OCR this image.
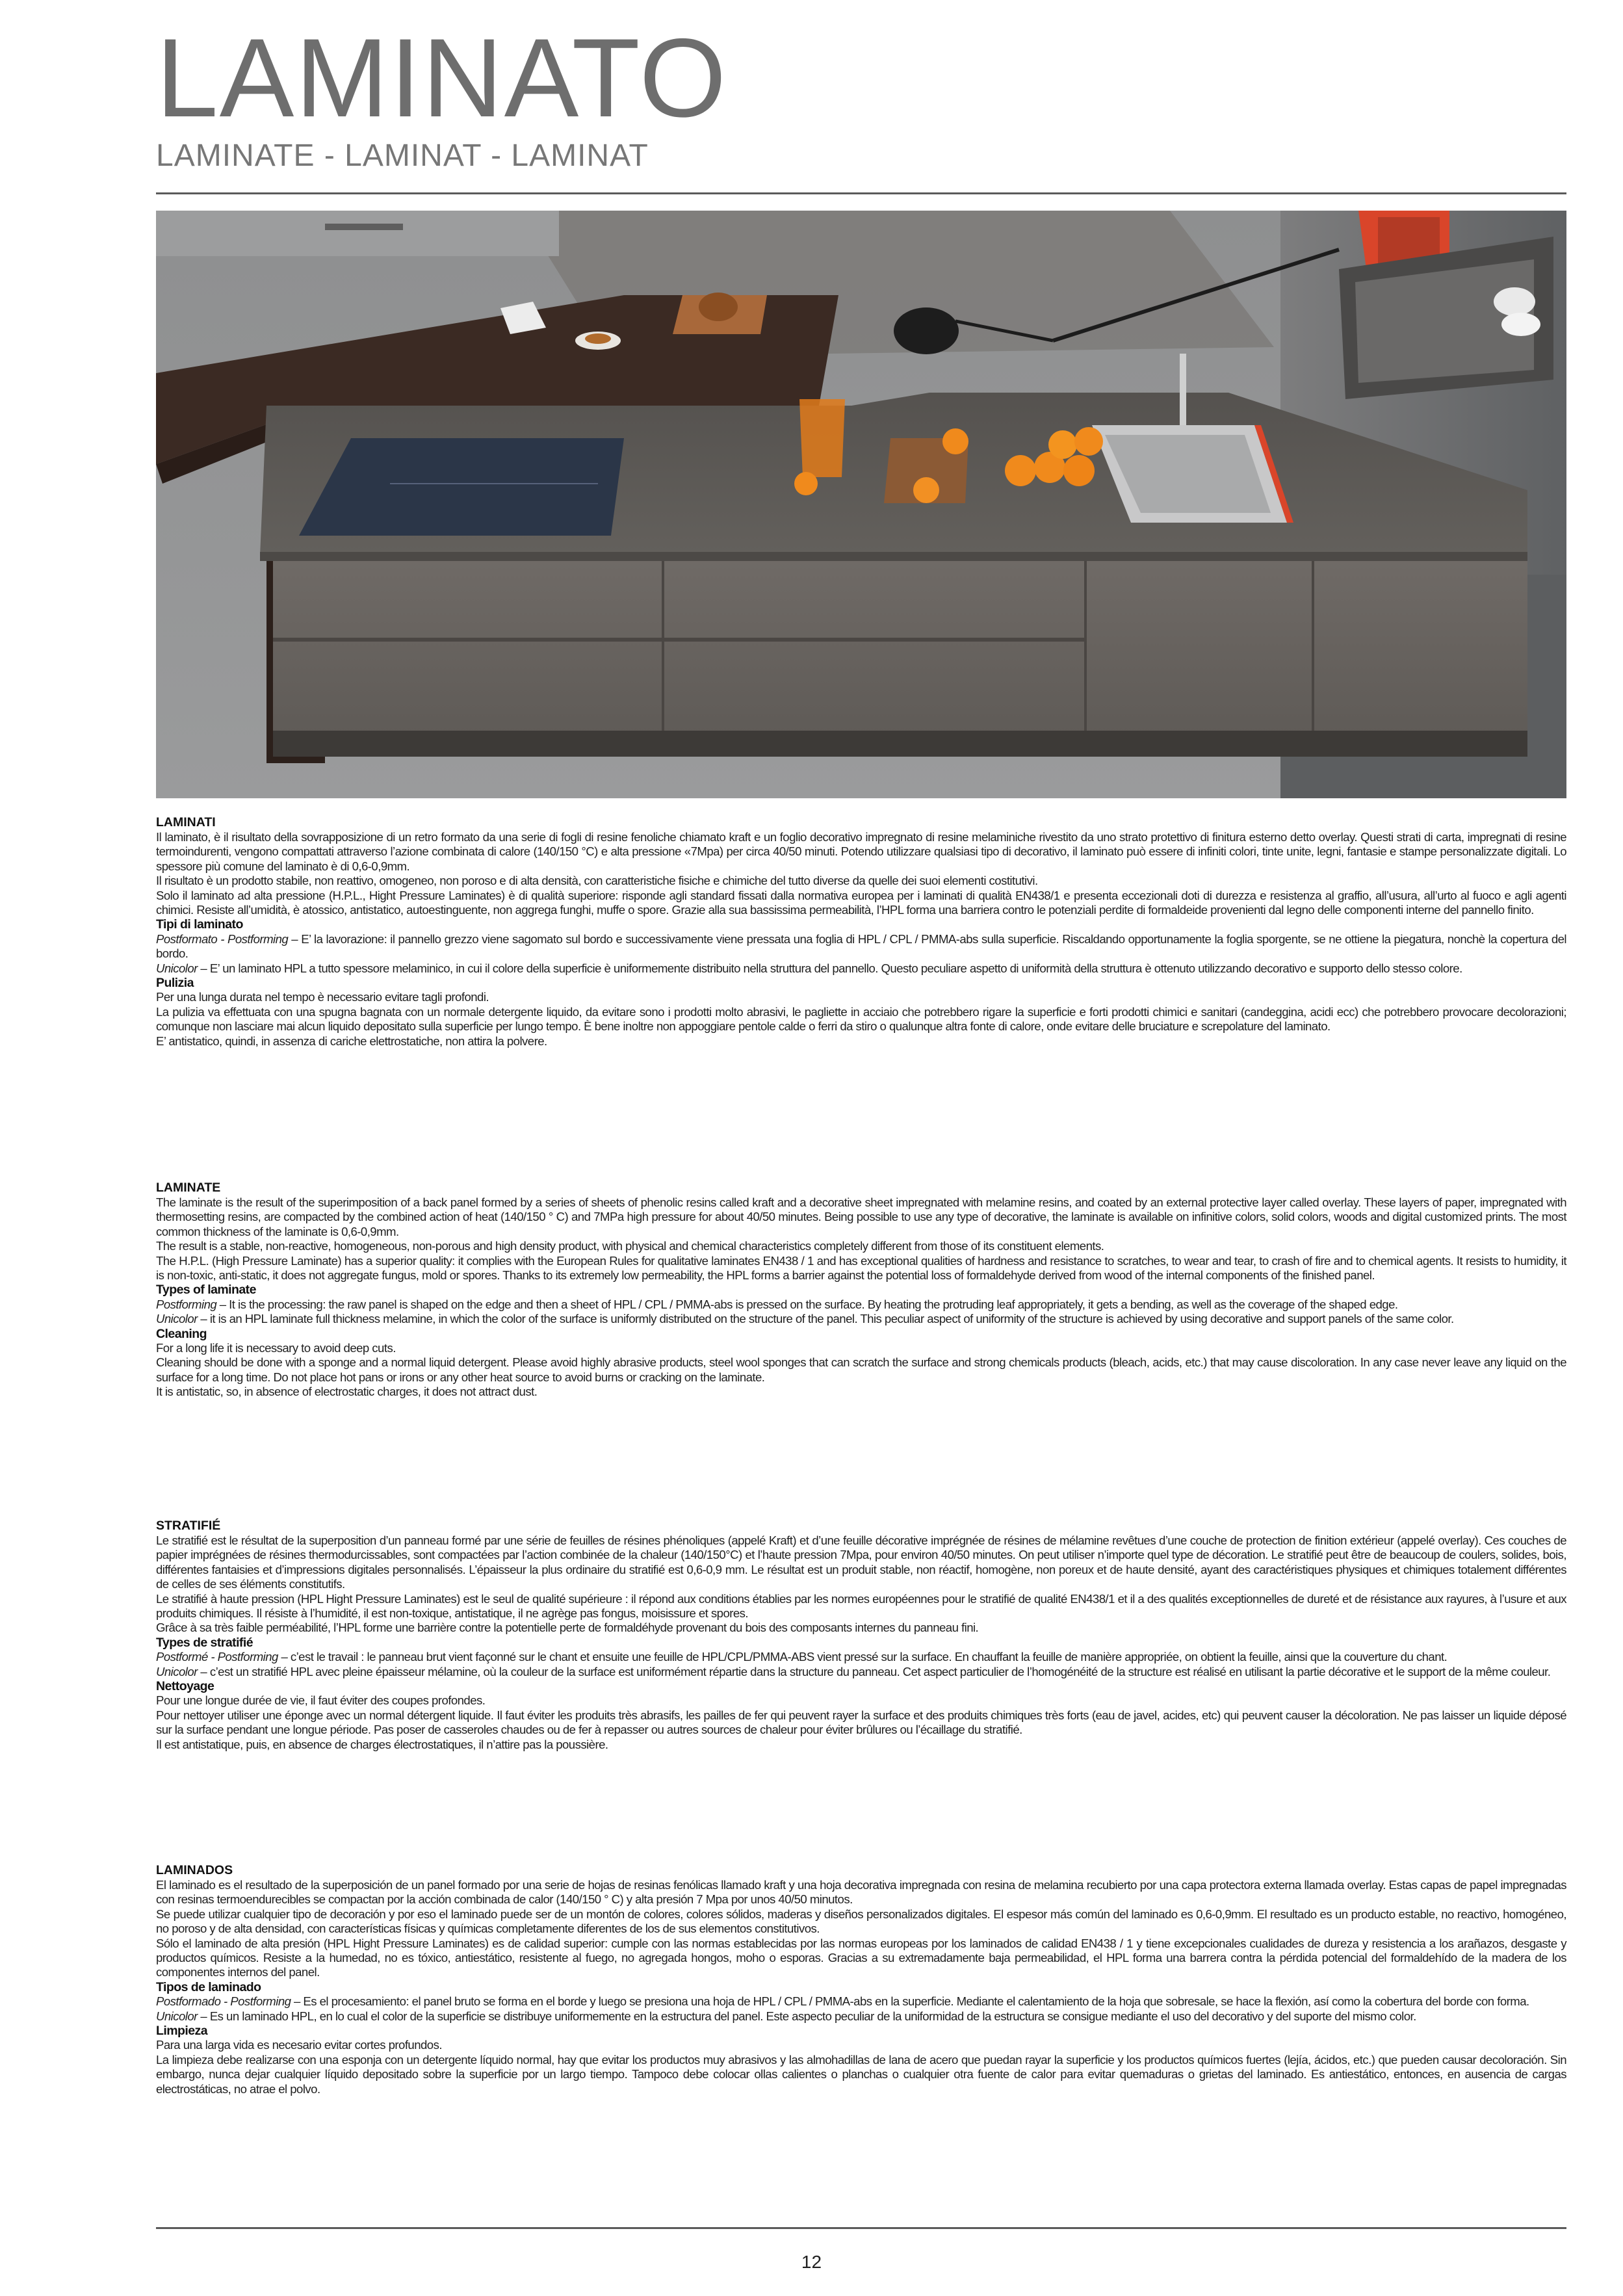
LAMINATO
LAMINATE - LAMINAT - LAMINAT
LAMINATI

Il laminato, è il risultato della sovrapposizione di un retro formato da una serie di fogli di resine fenoliche chiamato kraft e un foglio decorativo impregnato di resine melaminiche rivestito da uno strato protettivo di finitura esterno detto overlay. Questi strati di carta, impregnati di resine termoindurenti, vengono compattati attraverso l’azione combinata di calore (140/150 °C) e alta pressione «7Mpa) per circa 40/50 minuti. Potendo utilizzare qualsiasi tipo di decorativo, il laminato può essere di infiniti colori, tinte unite, legni, fantasie e stampe personalizzate digitali. Lo spessore più comune del laminato è di 0,6-0,9mm.

Il risultato è un prodotto stabile, non reattivo, omogeneo, non poroso e di alta densità, con caratteristiche fisiche e chimiche del tutto diverse da quelle dei suoi elementi costitutivi.

Solo il laminato ad alta pressione (H.P.L., Hight Pressure Laminates) è di qualità superiore: risponde agli standard fissati dalla normativa europea per i laminati di qualità EN438/1 e presenta eccezionali doti di durezza e resistenza al graffio, all’usura, all’urto al fuoco e agli agenti chimici. Resiste all’umidità, è atossico, antistatico, autoestinguente, non aggrega funghi, muffe o spore. Grazie alla sua bassissima permeabilità, l’HPL forma una barriera contro le potenziali perdite di formaldeide provenienti dal legno delle componenti interne del pannello finito.

Tipi di laminato

Postformato - Postforming – E’ la lavorazione: il pannello grezzo viene sagomato sul bordo e successivamente viene pressata una foglia di HPL / CPL / PMMA-abs sulla superficie. Riscaldando opportunamente la foglia sporgente, se ne ottiene la piegatura, nonchè la copertura del bordo.

Unicolor – E’ un laminato HPL a tutto spessore melaminico, in cui il colore della superficie è uniformemente distribuito nella struttura del pannello. Questo peculiare aspetto di uniformità della struttura è ottenuto utilizzando decorativo e supporto dello stesso colore.

Pulizia

Per una lunga durata nel tempo è necessario evitare tagli profondi.

La pulizia va effettuata con una spugna bagnata con un normale detergente liquido, da evitare sono i prodotti molto abrasivi, le pagliette in acciaio che potrebbero rigare la superficie e forti prodotti chimici e sanitari (candeggina, acidi ecc) che potrebbero provocare decolorazioni; comunque non lasciare mai alcun liquido depositato sulla superficie per lungo tempo. È bene inoltre non appoggiare pentole calde o ferri da stiro o qualunque altra fonte di calore, onde evitare delle bruciature e screpolature del laminato.

E’ antistatico, quindi, in assenza di cariche elettrostatiche, non attira la polvere.

LAMINATE

The laminate is the result of the superimposition of a back panel formed by a series of sheets of phenolic resins called kraft and a decorative sheet impregnated with melamine resins, and coated by an external protective layer called overlay. These layers of paper, impregnated with thermosetting resins, are compacted by the combined action of heat (140/150 ° C) and 7MPa high pressure for about 40/50 minutes. Being possible to use any type of decorative, the laminate is available on infinitive colors, solid colors, woods and digital customized prints. The most common thickness of the laminate is 0,6-0,9mm.

The result is a stable, non-reactive, homogeneous, non-porous and high density product, with physical and chemical characteristics completely different from those of its constituent elements.

The H.P.L. (High Pressure Laminate) has a superior quality: it complies with the European Rules for qualitative laminates EN438 / 1 and has exceptional qualities of hardness and resistance to scratches, to wear and tear, to crash of fire and to chemical agents. It resists to humidity, it is non-toxic, anti-static, it does not aggregate fungus, mold or spores. Thanks to its extremely low permeability, the HPL forms a barrier against the potential loss of formaldehyde derived from wood of the internal components of the finished panel.

Types of laminate

Postforming – It is the processing: the raw panel is shaped on the edge and then a sheet of HPL / CPL / PMMA-abs is pressed on the surface. By heating the protruding leaf appropriately, it gets a bending, as well as the coverage of the shaped edge.

Unicolor – it is an HPL laminate full thickness melamine, in which the color of the surface is uniformly distributed on the structure of the panel. This peculiar aspect of uniformity of the structure is achieved by using decorative and support panels of the same color.

Cleaning

For a long life it is necessary to avoid deep cuts.

Cleaning should be done with a sponge and a normal liquid detergent. Please avoid highly abrasive products, steel wool sponges that can scratch the surface and strong chemicals products (bleach, acids, etc.) that may cause discoloration. In any case never leave any liquid on the surface for a long time. Do not place hot pans or irons or any other heat source to avoid burns or cracking on the laminate.

It is antistatic, so, in absence of electrostatic charges, it does not attract dust.

STRATIFIÉ

Le stratifié est le résultat de la superposition d’un panneau formé par une série de feuilles de résines phénoliques (appelé Kraft) et d’une feuille décorative imprégnée de résines de mélamine revêtues d’une couche de protection de finition extérieur (appelé overlay). Ces couches de papier imprégnées de résines thermodurcissables, sont compactées par l’action combinée de la chaleur (140/150°C) et l’haute pression 7Mpa, pour environ 40/50 minutes. On peut utiliser n’importe quel type de décoration. Le stratifié peut être de beaucoup de coulers, solides, bois, différentes fantaisies et d’impressions digitales personnalisés. L’épaisseur la plus ordinaire du stratifié est 0,6-0,9 mm. Le résultat est un produit stable, non réactif, homogène, non poreux et de haute densité, ayant des caractéristiques physiques et chimiques totalement différentes de celles de ses éléments constitutifs.

Le stratifié à haute pression (HPL Hight Pressure Laminates) est le seul de qualité supérieure : il répond aux conditions établies par les normes européennes pour le stratifié de qualité EN438/1 et il a des qualités exceptionnelles de dureté et de résistance aux rayures, à l’usure et aux produits chimiques. Il résiste à l’humidité, il est non-toxique, antistatique, il ne agrège pas fongus, moisissure et spores.

Grâce à sa très faible perméabilité, l’HPL forme une barrière contre la potentielle perte de formaldéhyde provenant du bois des composants internes du panneau fini.

Types de stratifié

Postformé - Postforming – c’est le travail : le panneau brut vient façonné sur le chant et ensuite une feuille de HPL/CPL/PMMA-ABS vient pressé sur la surface. En chauffant la feuille de manière appropriée, on obtient la feuille, ainsi que la couverture du chant.

Unicolor – c’est un stratifié HPL avec pleine épaisseur mélamine, où la couleur de la surface est uniformément répartie dans la structure du panneau. Cet aspect particulier de l’homogénéité de la structure est réalisé en utilisant la partie décorative et le support de la même couleur.

Nettoyage

Pour une longue durée de vie, il faut éviter des coupes profondes.

Pour nettoyer utiliser une éponge avec un normal détergent liquide. Il faut éviter les produits très abrasifs, les pailles de fer qui peuvent rayer la surface et des produits chimiques très forts (eau de javel, acides, etc) qui peuvent causer la décoloration. Ne pas laisser un liquide déposé sur la surface pendant une longue période. Pas poser de casseroles chaudes ou de fer à repasser ou autres sources de chaleur pour éviter brûlures ou l’écaillage du stratifié.

Il est antistatique, puis, en absence de charges électrostatiques, il n’attire pas la poussière.

LAMINADOS

El laminado es el resultado de la superposición de un panel formado por una serie de hojas de resinas fenólicas llamado kraft y una hoja decorativa impregnada con resina de melamina recubierto por una capa protectora externa llamada overlay. Estas capas de papel impregnadas con resinas termoendurecibles se compactan por la acción combinada de calor (140/150 ° C) y alta presión 7 Mpa por unos 40/50 minutos.

Se puede utilizar cualquier tipo de decoración y por eso el laminado puede ser de un montón de colores, colores sólidos, maderas y diseños personalizados digitales. El espesor más común del laminado es 0,6-0,9mm. El resultado es un producto estable, no reactivo, homogéneo, no poroso y de alta densidad, con características físicas y químicas completamente diferentes de los de sus elementos constitutivos.

Sólo el laminado de alta presión (HPL Hight Pressure Laminates) es de calidad superior: cumple con las normas establecidas por las normas europeas por los laminados de calidad EN438 / 1 y tiene excepcionales cualidades de dureza y resistencia a los arañazos, desgaste y productos químicos. Resiste a la humedad, no es tóxico, antiestático, resistente al fuego, no agregada hongos, moho o esporas. Gracias a su extremadamente baja permeabilidad, el HPL forma una barrera contra la pérdida potencial del formaldehído de la madera de los componentes internos del panel.

Tipos de laminado

Postformado - Postforming – Es el procesamiento: el panel bruto se forma en el borde y luego se presiona una hoja de HPL / CPL / PMMA-abs en la superficie. Mediante el calentamiento de la hoja que sobresale, se hace la flexión, así como la cobertura del borde con forma.

Unicolor – Es un laminado HPL, en lo cual el color de la superficie se distribuye uniformemente en la estructura del panel. Este aspecto peculiar de la uniformidad de la estructura se consigue mediante el uso del decorativo y del suporte del mismo color.

Limpieza

Para una larga vida es necesario evitar cortes profundos.

La limpieza debe realizarse con una esponja con un detergente líquido normal, hay que evitar los productos muy abrasivos y las almohadillas de lana de acero que puedan rayar la superficie y los productos químicos fuertes (lejía, ácidos, etc.) que pueden causar decoloración. Sin embargo, nunca dejar cualquier líquido depositado sobre la superficie por un largo tiempo. Tampoco debe colocar ollas calientes o planchas o cualquier otra fuente de calor para evitar quemaduras o grietas del laminado. Es antiestático, entonces, en ausencia de cargas electrostáticas, no atrae el polvo.

12
